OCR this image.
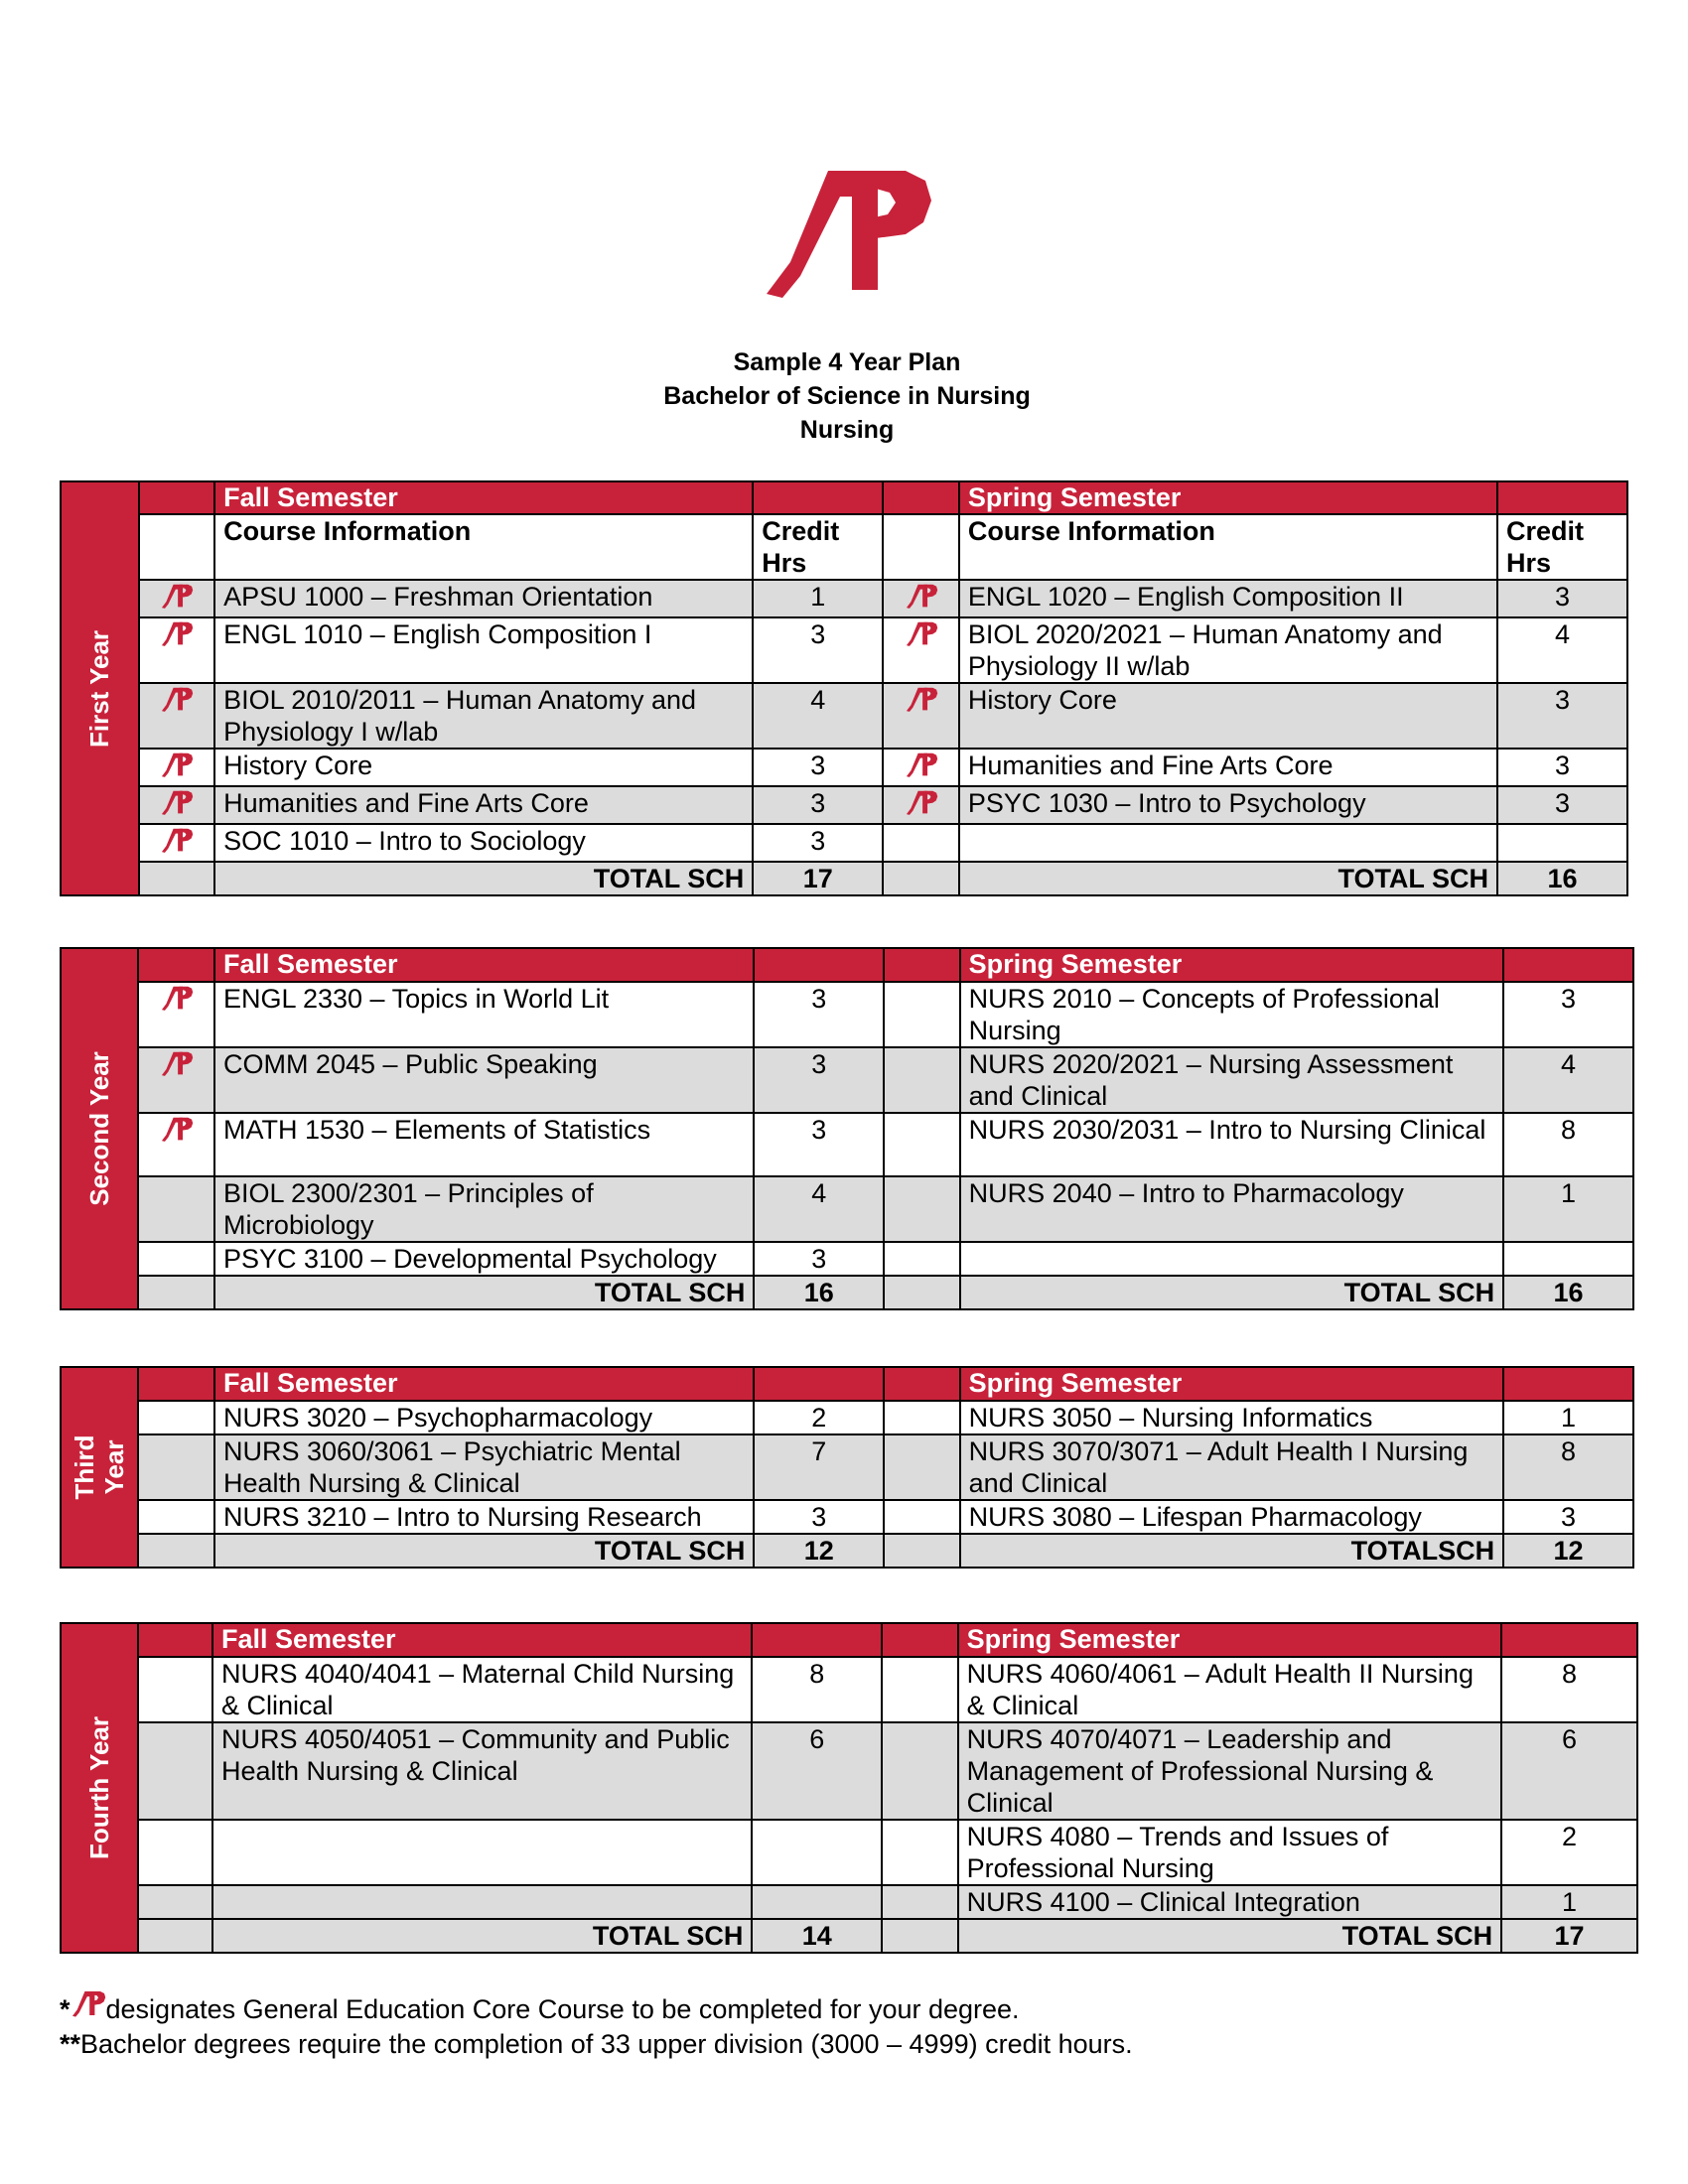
Sample 4 Year Plan
Bachelor of Science in Nursing
Nursing
First Year		Fall Semester			Spring Semester	
		Course Information	Credit Hrs		Course Information	Credit Hrs
	APSU 1000 – Freshman Orientation	1		ENGL 1020 – English Composition II	3
	ENGL 1010 – English Composition I	3		BIOL 2020/2021 – Human Anatomy and Physiology II w/lab	4
	BIOL 2010/2011 – Human Anatomy and Physiology I w/lab	4		History Core	3
	History Core	3		Humanities and Fine Arts Core	3
	Humanities and Fine Arts Core	3		PSYC 1030 – Intro to Psychology	3
	SOC 1010 – Intro to Sociology	3			
		TOTAL SCH	17		TOTAL SCH	16
Second Year		Fall Semester			Spring Semester	
	ENGL 2330 – Topics in World Lit	3		NURS 2010 – Concepts of Professional Nursing	3
	COMM 2045 – Public Speaking	3		NURS 2020/2021 – Nursing Assessment and Clinical	4
	MATH 1530 – Elements of Statistics	3		NURS 2030/2031 – Intro to Nursing Clinical	8
		BIOL 2300/2301 – Principles of Microbiology	4		NURS 2040 – Intro to Pharmacology	1
		PSYC 3100 – Developmental Psychology	3			
		TOTAL SCH	16		TOTAL SCH	16
Third Year		Fall Semester			Spring Semester	
		NURS 3020 – Psychopharmacology	2		NURS 3050 – Nursing Informatics	1
		NURS 3060/3061 – Psychiatric Mental Health Nursing & Clinical	7		NURS 3070/3071 – Adult Health I Nursing and Clinical	8
		NURS 3210 – Intro to Nursing Research	3		NURS 3080 – Lifespan Pharmacology	3
		TOTAL SCH	12		TOTALSCH	12
Fourth Year		Fall Semester			Spring Semester	
		NURS 4040/4041 – Maternal Child Nursing & Clinical	8		NURS 4060/4061 – Adult Health II Nursing & Clinical	8
		NURS 4050/4051 – Community and Public Health Nursing & Clinical	6		NURS 4070/4071 – Leadership and Management of Professional Nursing & Clinical	6
					NURS 4080 – Trends and Issues of Professional Nursing	2
					NURS 4100 – Clinical Integration	1
		TOTAL SCH	14		TOTAL SCH	17
* designates General Education Core Course to be completed for your degree.
** Bachelor degrees require the completion of 33 upper division (3000 – 4999) credit hours.
